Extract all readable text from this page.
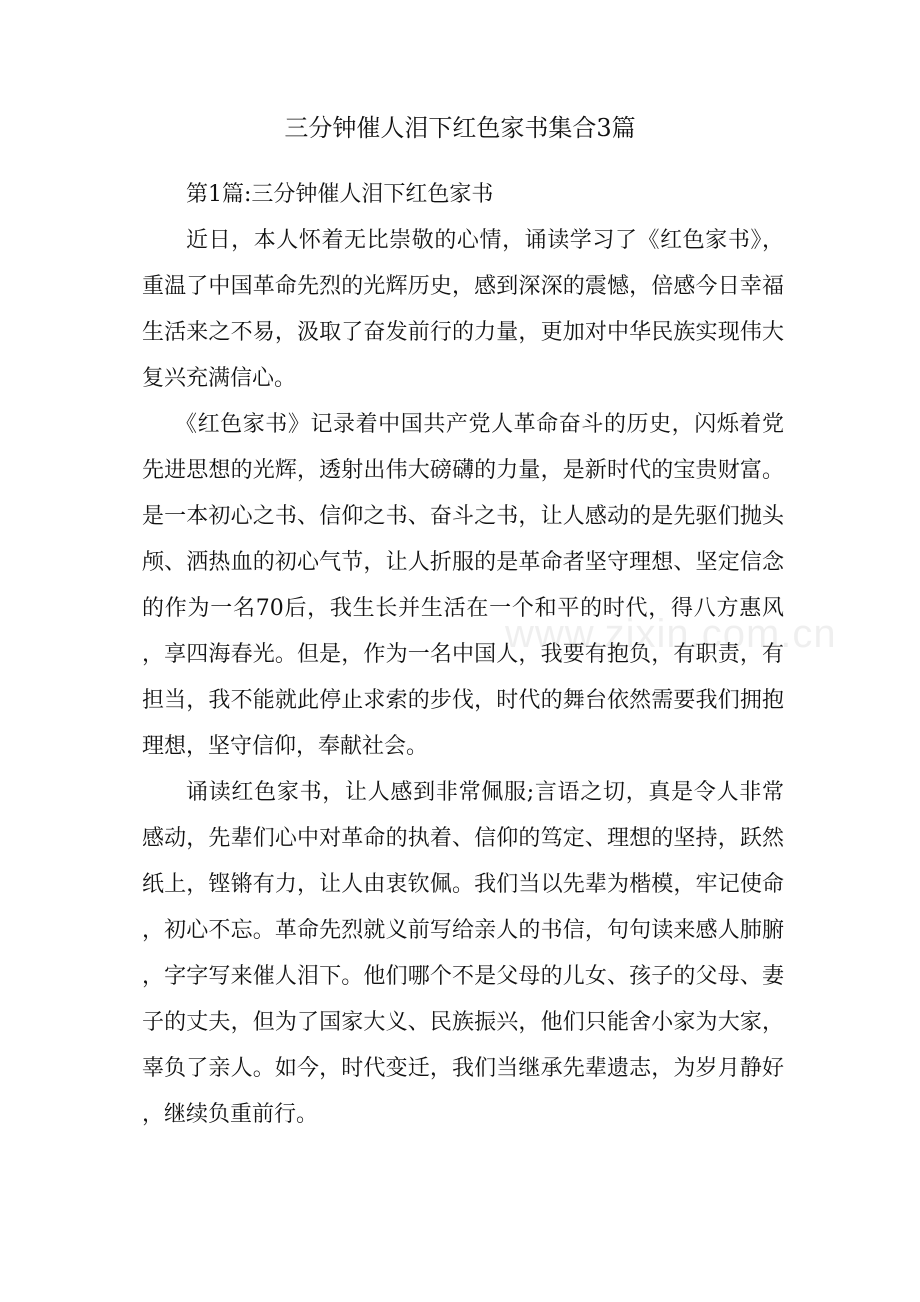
三分钟催人泪下红色家书集合3篇
第1篇:三分钟催人泪下红色家书

近日，本人怀着无比崇敬的心情，诵读学习了《红色家书》，重温了中国革命先烈的光辉历史，感到深深的震憾，倍感今日幸福生活来之不易，汲取了奋发前行的力量，更加对中华民族实现伟大复兴充满信心。

《红色家书》记录着中国共产党人革命奋斗的历史，闪烁着党先进思想的光辉，透射出伟大磅礴的力量，是新时代的宝贵财富。是一本初心之书、信仰之书、奋斗之书，让人感动的是先驱们抛头颅、洒热血的初心气节，让人折服的是革命者坚守理想、坚定信念的作为一名70后，我生长并生活在一个和平的时代，得八方惠风，享四海春光。但是，作为一名中国人，我要有抱负，有职责，有担当，我不能就此停止求索的步伐，时代的舞台依然需要我们拥抱理想，坚守信仰，奉献社会。

诵读红色家书，让人感到非常佩服;言语之切，真是令人非常感动，先辈们心中对革命的执着、信仰的笃定、理想的坚持，跃然纸上，铿锵有力，让人由衷钦佩。我们当以先辈为楷模，牢记使命，初心不忘。革命先烈就义前写给亲人的书信，句句读来感人肺腑，字字写来催人泪下。他们哪个不是父母的儿女、孩子的父母、妻子的丈夫，但为了国家大义、民族振兴，他们只能舍小家为大家，辜负了亲人。如今，时代变迁，我们当继承先辈遗志，为岁月静好，继续负重前行。

www.zixin.com.cn
